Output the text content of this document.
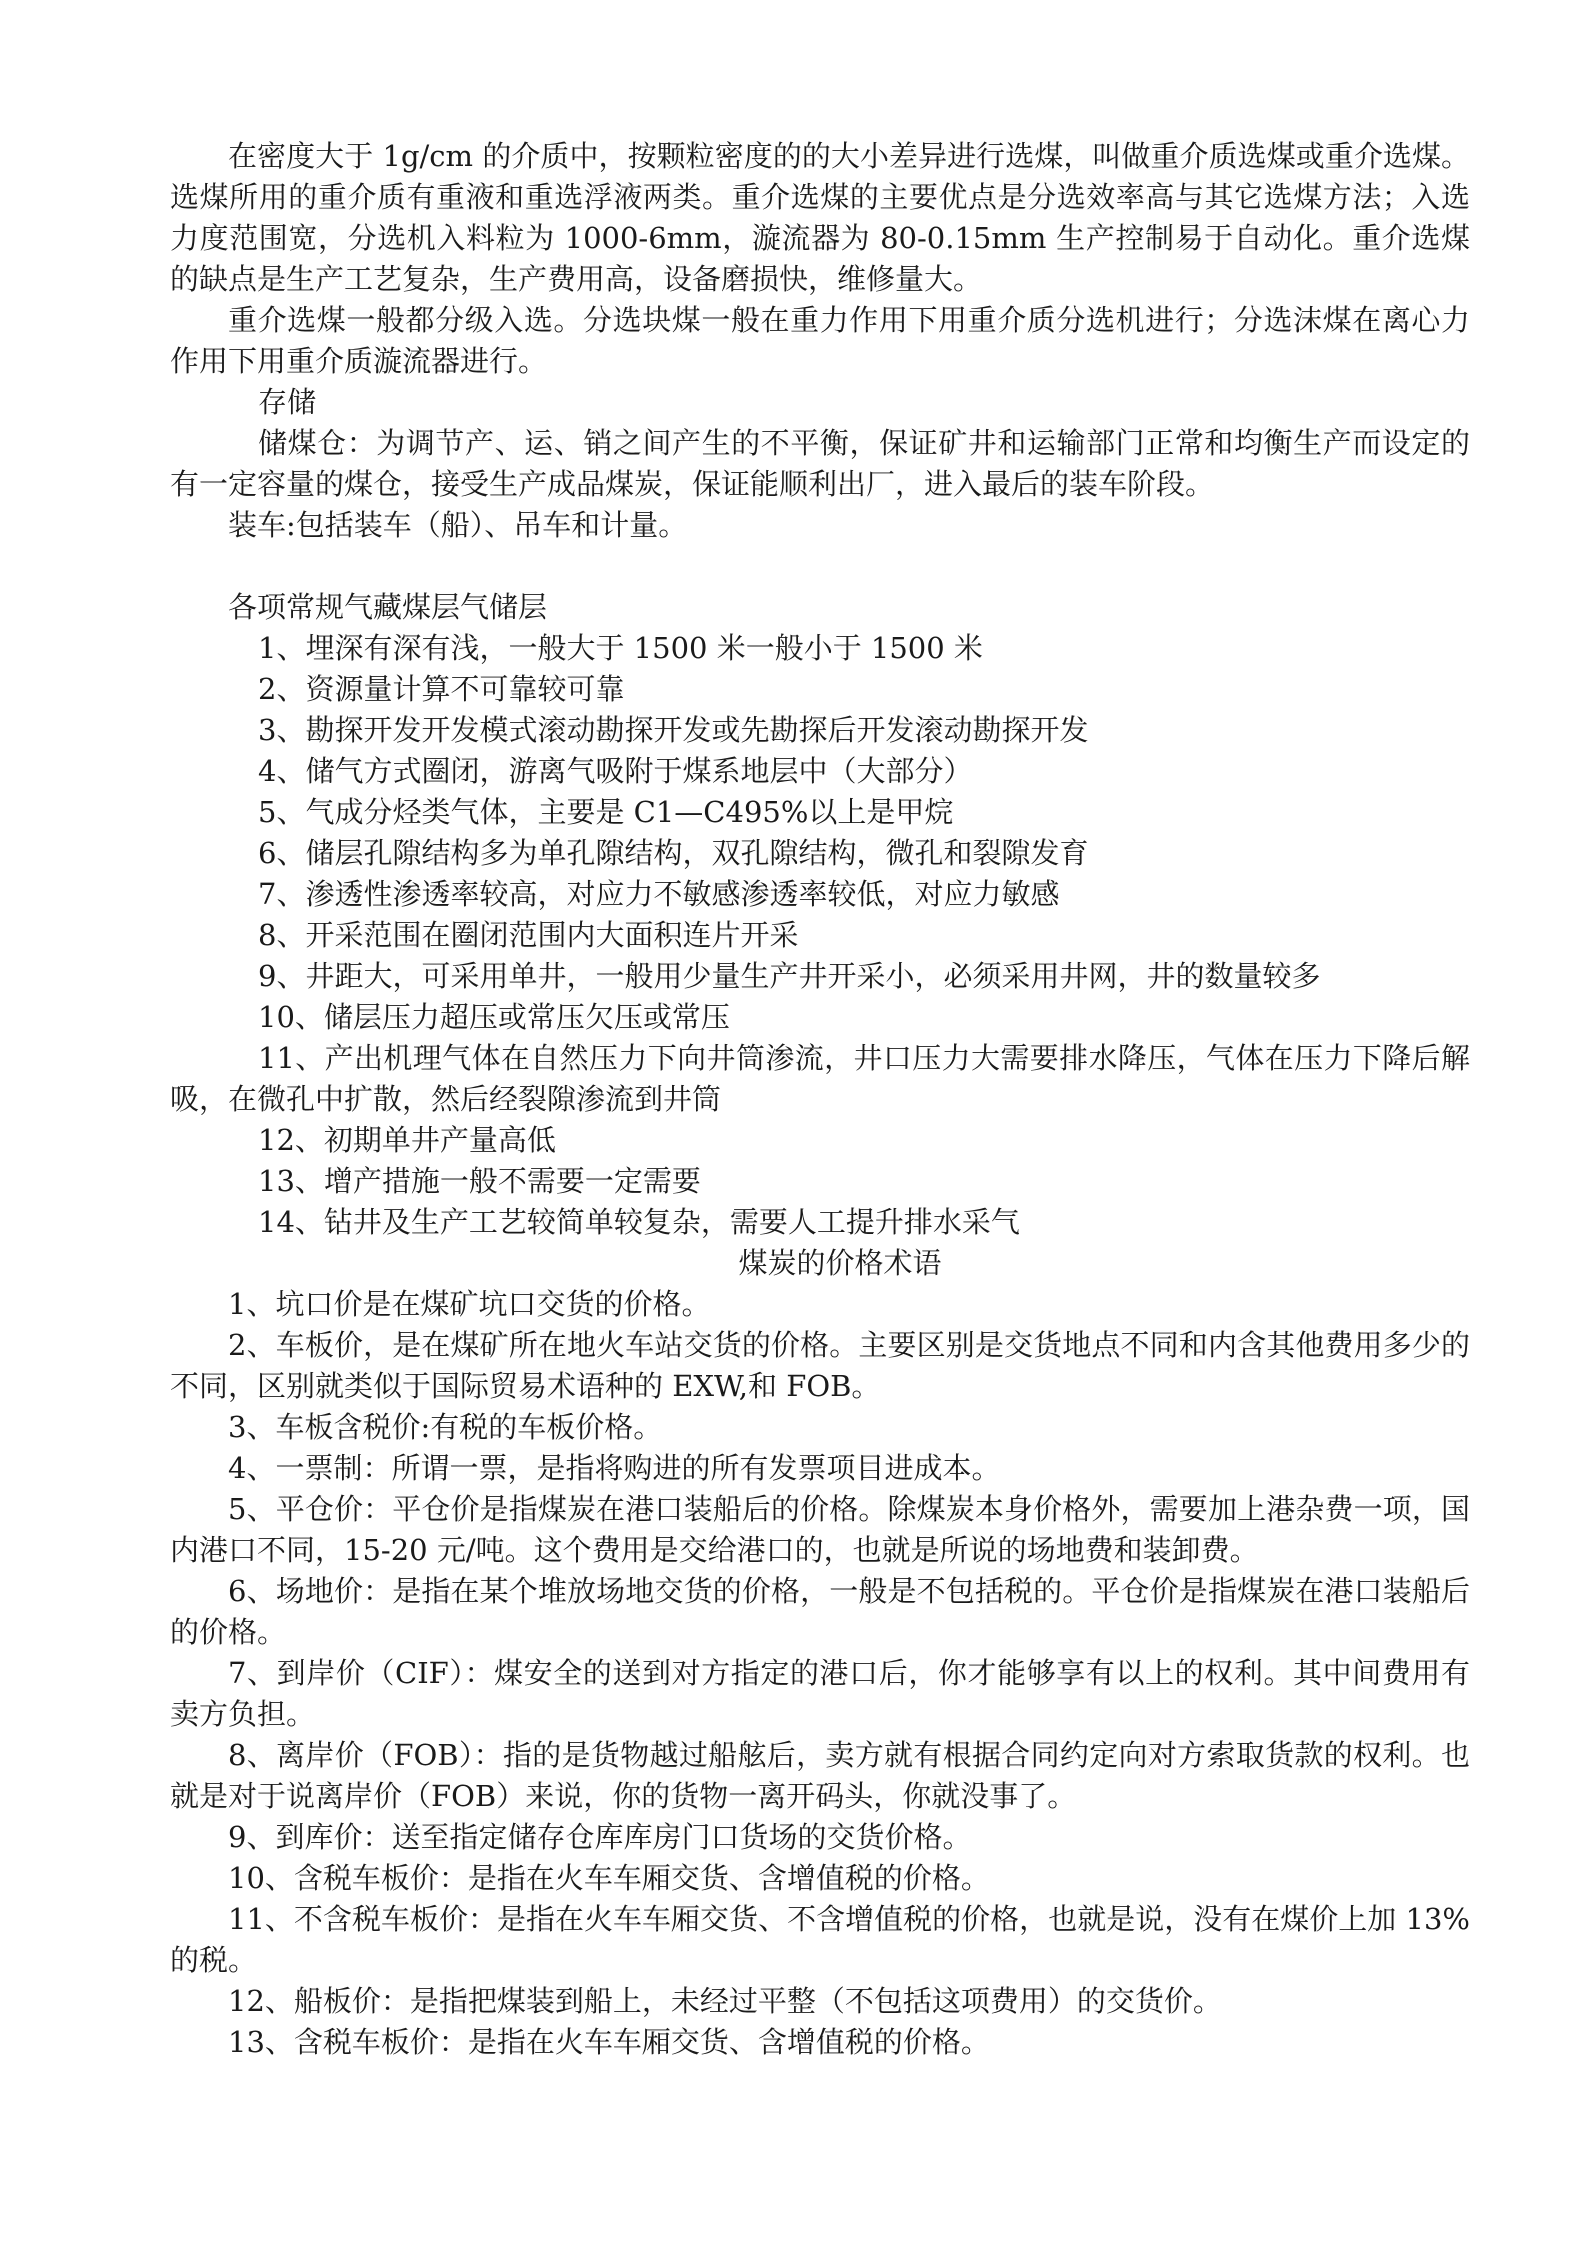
在密度大于 1g/cm 的介质中，按颗粒密度的的大小差异进行选煤，叫做重介质选煤或重介选煤。选煤所用的重介质有重液和重选浮液两类。重介选煤的主要优点是分选效率高与其它选煤方法；入选力度范围宽，分选机入料粒为 1000-6mm，漩流器为 80-0.15mm 生产控制易于自动化。重介选煤的缺点是生产工艺复杂，生产费用高，设备磨损快，维修量大。

重介选煤一般都分级入选。分选块煤一般在重力作用下用重介质分选机进行；分选沫煤在离心力作用下用重介质漩流器进行。

存储

储煤仓：为调节产、运、销之间产生的不平衡，保证矿井和运输部门正常和均衡生产而设定的有一定容量的煤仓，接受生产成品煤炭，保证能顺利出厂，进入最后的装车阶段。

装车:包括装车（船）、吊车和计量。

各项常规气藏煤层气储层

1、埋深有深有浅，一般大于 1500 米一般小于 1500 米

2、资源量计算不可靠较可靠

3、勘探开发开发模式滚动勘探开发或先勘探后开发滚动勘探开发

4、储气方式圈闭，游离气吸附于煤系地层中（大部分）

5、气成分烃类气体，主要是 C1—C495%以上是甲烷

6、储层孔隙结构多为单孔隙结构，双孔隙结构，微孔和裂隙发育

7、渗透性渗透率较高，对应力不敏感渗透率较低，对应力敏感

8、开采范围在圈闭范围内大面积连片开采

9、井距大，可采用单井，一般用少量生产井开采小，必须采用井网，井的数量较多

10、储层压力超压或常压欠压或常压

11、产出机理气体在自然压力下向井筒渗流，井口压力大需要排水降压，气体在压力下降后解吸，在微孔中扩散，然后经裂隙渗流到井筒

12、初期单井产量高低

13、增产措施一般不需要一定需要

14、钻井及生产工艺较简单较复杂，需要人工提升排水采气

煤炭的价格术语

1、坑口价是在煤矿坑口交货的价格。

2、车板价，是在煤矿所在地火车站交货的价格。主要区别是交货地点不同和内含其他费用多少的不同，区别就类似于国际贸易术语种的 EXW,和 FOB。

3、车板含税价:有税的车板价格。

4、一票制：所谓一票，是指将购进的所有发票项目进成本。

5、平仓价：平仓价是指煤炭在港口装船后的价格。除煤炭本身价格外，需要加上港杂费一项，国内港口不同，15-20 元/吨。这个费用是交给港口的，也就是所说的场地费和装卸费。

6、场地价：是指在某个堆放场地交货的价格，一般是不包括税的。平仓价是指煤炭在港口装船后的价格。

7、到岸价（CIF）：煤安全的送到对方指定的港口后，你才能够享有以上的权利。其中间费用有卖方负担。

8、离岸价（FOB）：指的是货物越过船舷后，卖方就有根据合同约定向对方索取货款的权利。也就是对于说离岸价（FOB）来说，你的货物一离开码头，你就没事了。

9、到库价：送至指定储存仓库库房门口货场的交货价格。

10、含税车板价：是指在火车车厢交货、含增值税的价格。

11、不含税车板价：是指在火车车厢交货、不含增值税的价格，也就是说，没有在煤价上加 13%的税。

12、船板价：是指把煤装到船上，未经过平整（不包括这项费用）的交货价。

13、含税车板价：是指在火车车厢交货、含增值税的价格。
